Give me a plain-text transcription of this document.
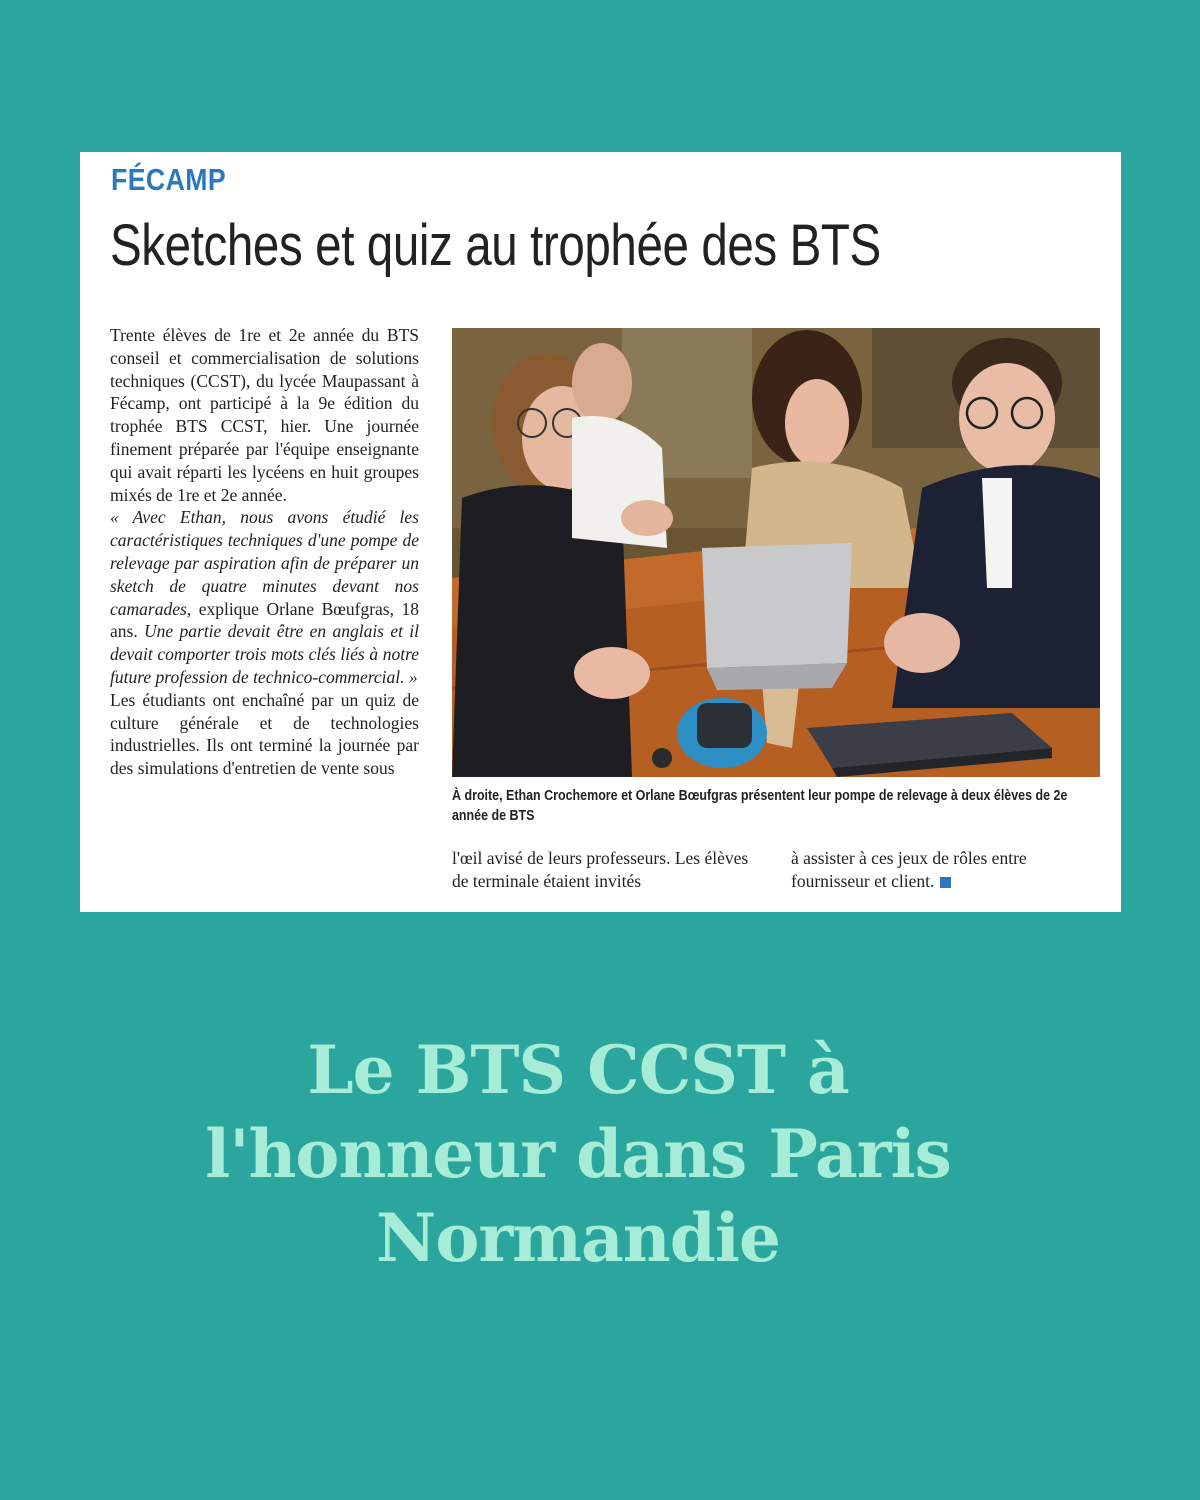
FÉCAMP
Sketches et quiz au trophée des BTS

Trente élèves de 1re et 2e année du BTS conseil et commercialisation de solutions techniques (CCST), du lycée Maupassant à Fécamp, ont participé à la 9e édition du trophée BTS CCST, hier. Une journée finement préparée par l'équipe enseignante qui avait réparti les lycéens en huit groupes mixés de 1re et 2e année.

« Avec Ethan, nous avons étudié les caractéristiques techniques d'une pompe de relevage par aspiration afin de préparer un sketch de quatre minutes devant nos camarades, explique Orlane Bœufgras, 18 ans. Une partie devait être en anglais et il devait comporter trois mots clés liés à notre future profession de technico-commercial. »

Les étudiants ont enchaîné par un quiz de culture générale et de technologies industrielles. Ils ont terminé la journée par des simulations d'entretien de vente sous

À droite, Ethan Crochemore et Orlane Bœufgras présentent leur pompe de relevage à deux élèves de 2e année de BTS
l'œil avisé de leurs professeurs. Les élèves de terminale étaient invités
à assister à ces jeux de rôles entre fournisseur et client.
Le BTS CCST à
l'honneur dans Paris
Normandie
